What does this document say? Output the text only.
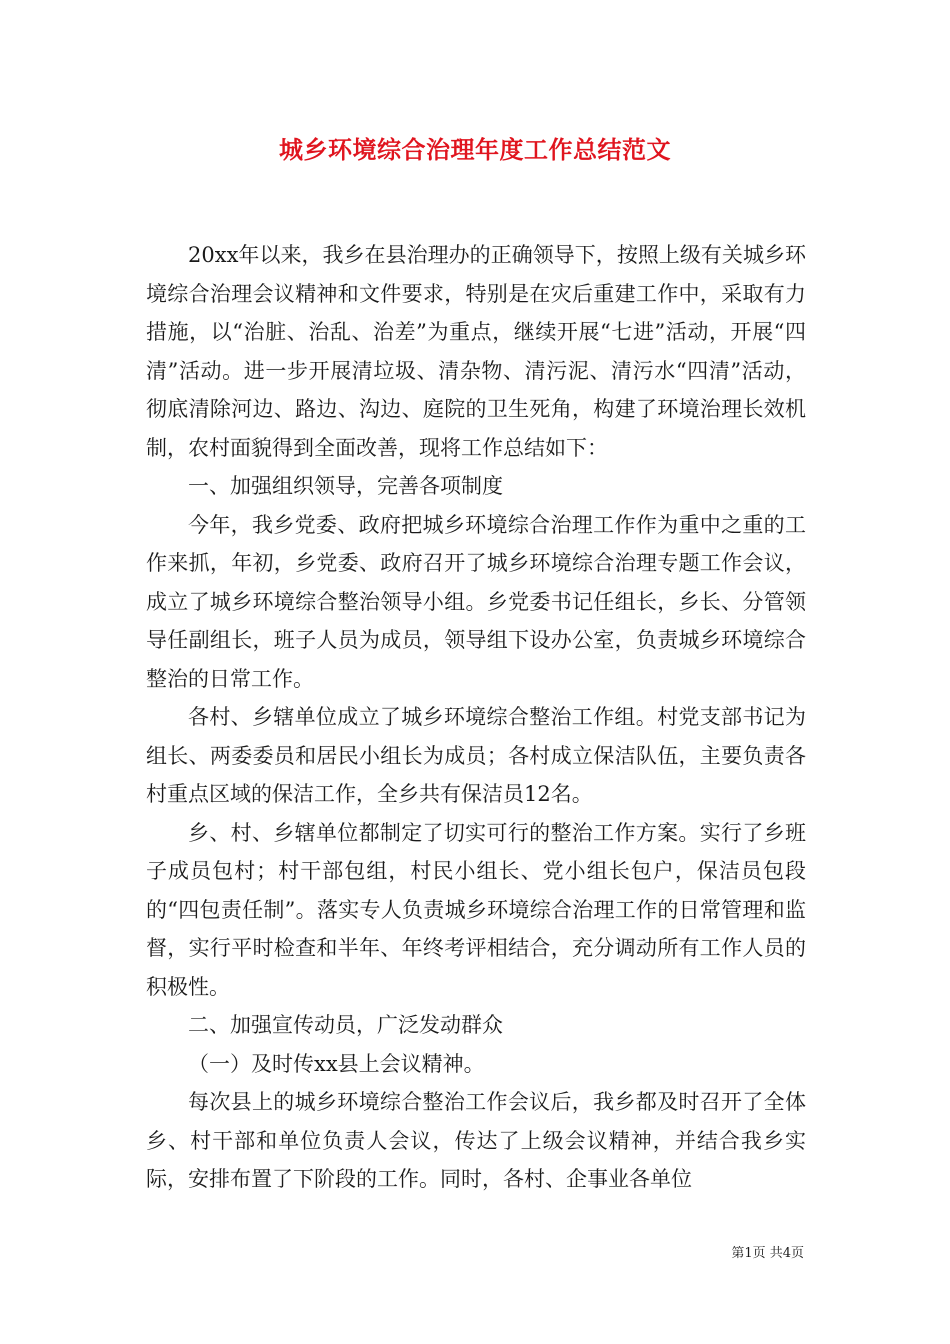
城乡环境综合治理年度工作总结范文

20xx年以来，我乡在县治理办的正确领导下，按照上级有关城乡环境综合治理会议精神和文件要求，特别是在灾后重建工作中，采取有力措施，以“治脏、治乱、治差”为重点，继续开展“七进”活动，开展“四清”活动。进一步开展清垃圾、清杂物、清污泥、清污水“四清”活动，彻底清除河边、路边、沟边、庭院的卫生死角，构建了环境治理长效机制，农村面貌得到全面改善，现将工作总结如下：

一、加强组织领导，完善各项制度

今年，我乡党委、政府把城乡环境综合治理工作作为重中之重的工作来抓，年初，乡党委、政府召开了城乡环境综合治理专题工作会议，成立了城乡环境综合整治领导小组。乡党委书记任组长，乡长、分管领导任副组长，班子人员为成员，领导组下设办公室，负责城乡环境综合整治的日常工作。

各村、乡辖单位成立了城乡环境综合整治工作组。村党支部书记为组长、两委委员和居民小组长为成员；各村成立保洁队伍，主要负责各村重点区域的保洁工作，全乡共有保洁员12名。

乡、村、乡辖单位都制定了切实可行的整治工作方案。实行了乡班子成员包村；村干部包组，村民小组长、党小组长包户，保洁员包段的“四包责任制”。落实专人负责城乡环境综合治理工作的日常管理和监督，实行平时检查和半年、年终考评相结合，充分调动所有工作人员的积极性。

二、加强宣传动员，广泛发动群众

（一）及时传xx县上会议精神。

每次县上的城乡环境综合整治工作会议后，我乡都及时召开了全体乡、村干部和单位负责人会议，传达了上级会议精神，并结合我乡实际，安排布置了下阶段的工作。同时，各村、企事业各单位

第1页 共4页
